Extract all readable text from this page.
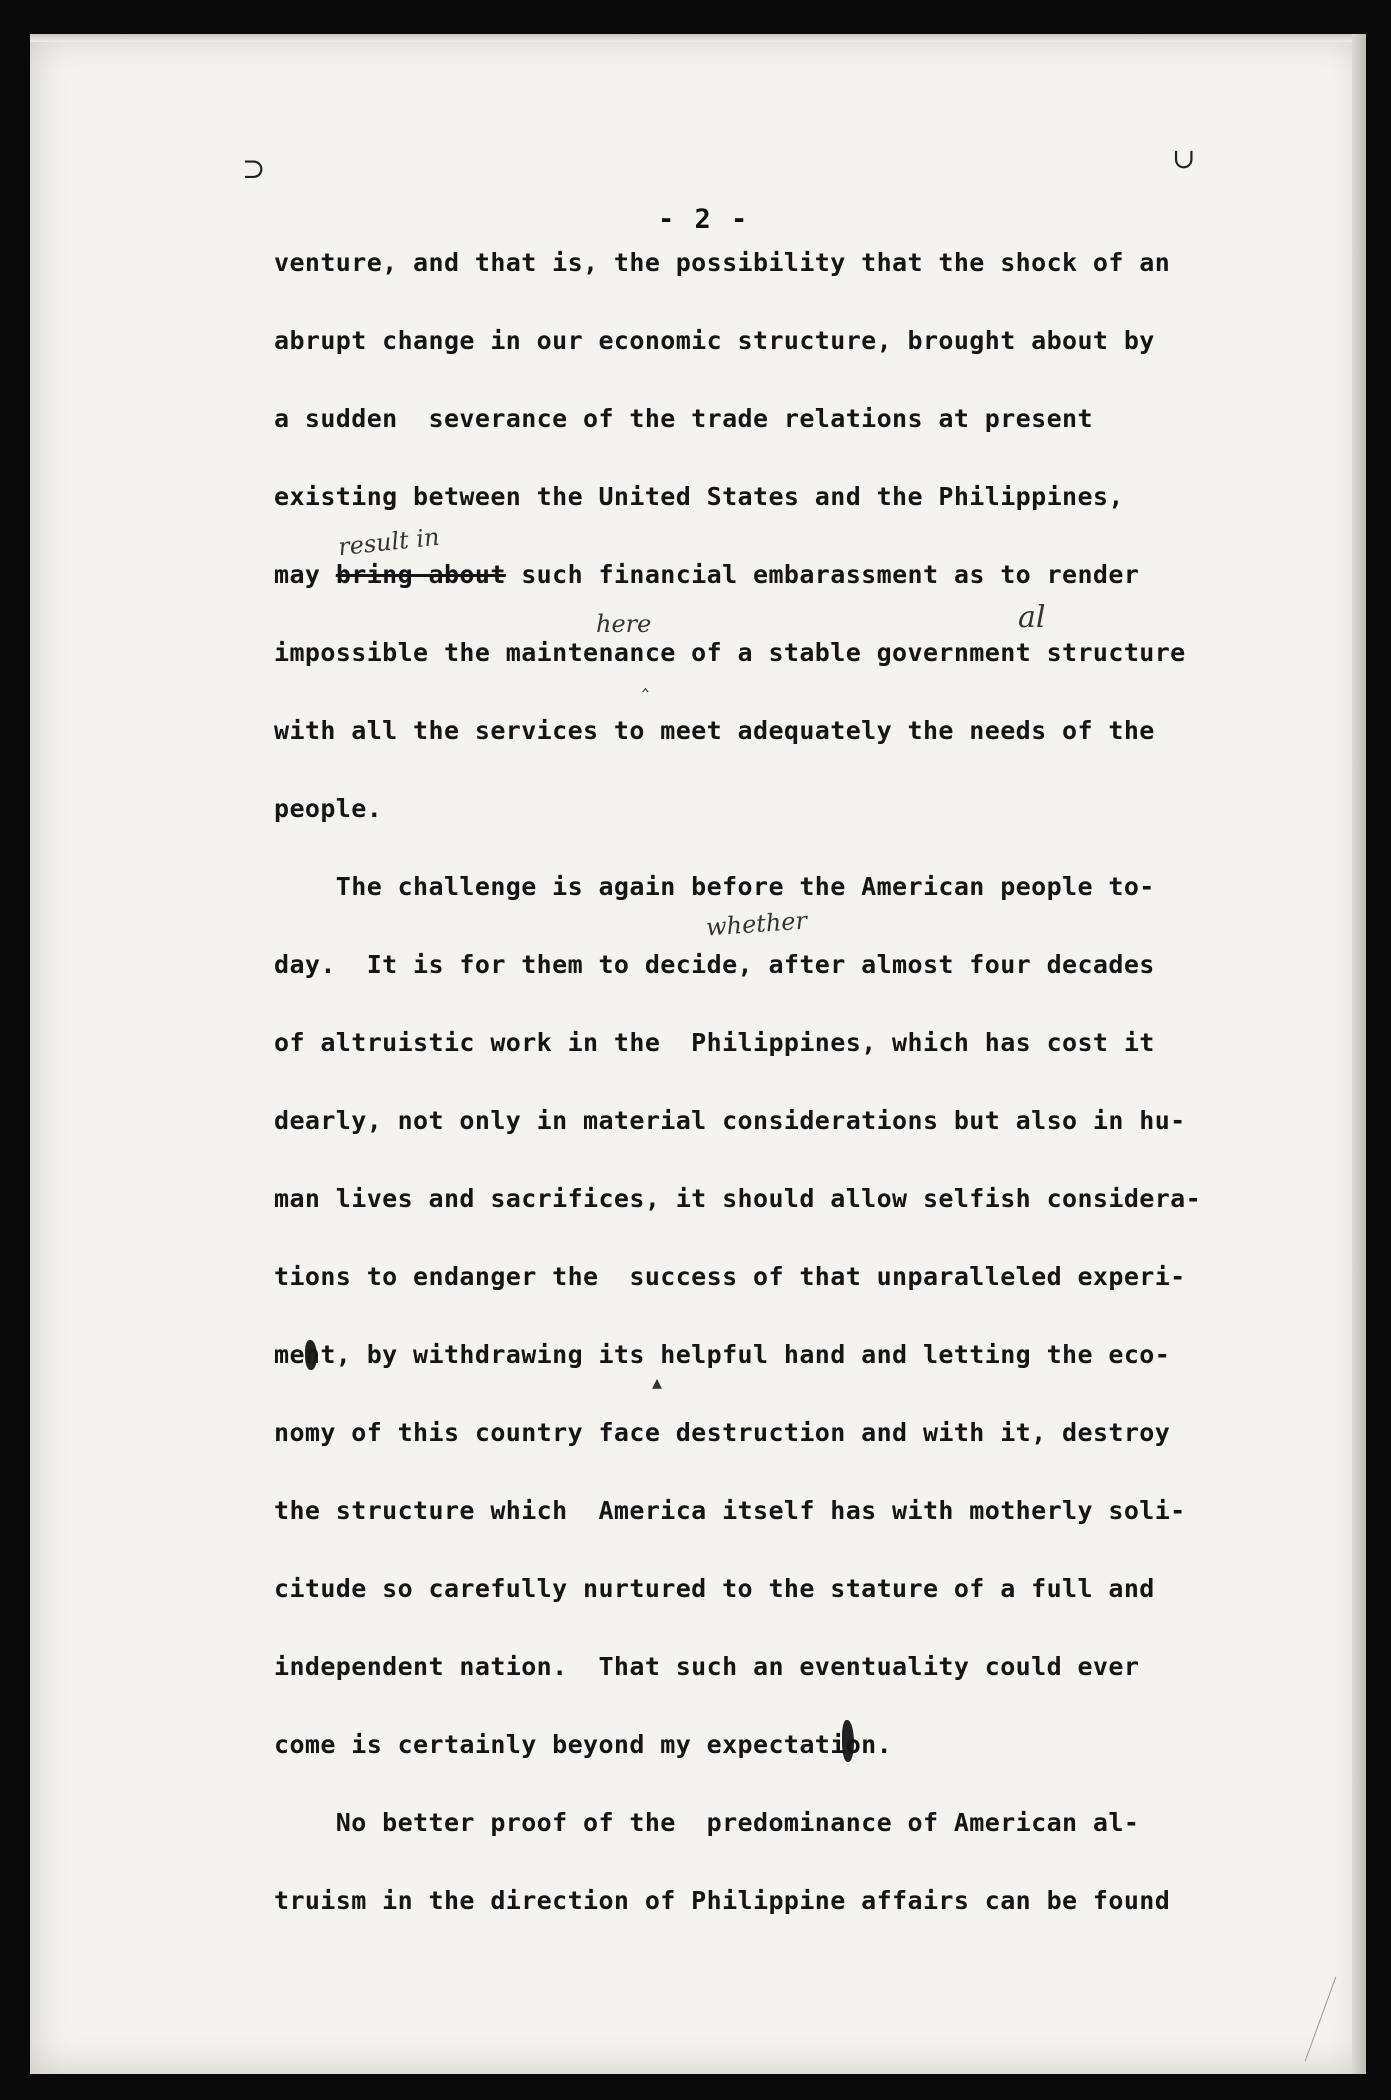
⊃	∪
- 2 -
venture, and that is, the possibility that the shock of an
abrupt change in our economic structure, brought about by
a sudden  severance of the trade relations at present
existing between the United States and the Philippines,
may bring about such financial embarassment as to render
result in
here
‸
al
impossible the maintenance of a stable government structure
with all the services to meet adequately the needs of the
people.
The challenge is again before the American people to-
whether
day.  It is for them to decide, after almost four decades
of altruistic work in the  Philippines, which has cost it
dearly, not only in material considerations but also in hu-
man lives and sacrifices, it should allow selfish considera-
tions to endanger the  success of that unparalleled experi-
▴
ment, by withdrawing its helpful hand and letting the eco-
nomy of this country face destruction and with it, destroy
the structure which  America itself has with motherly soli-
citude so carefully nurtured to the stature of a full and
independent nation.  That such an eventuality could ever
come is certainly beyond my expectation.
No better proof of the  predominance of American al-
truism in the direction of Philippine affairs can be found
